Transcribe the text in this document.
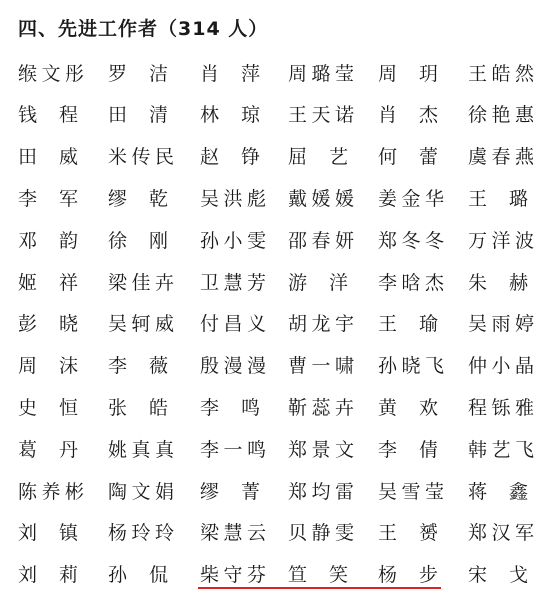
四、先进工作者（314 人）
缑 文 彤 罗 洁 肖 萍 周 璐 莹 周 玥 王 皓 然
钱 程 田 清 林 琼 王 天 诺 肖 杰 徐 艳 惠
田 威 米 传 民 赵 铮 屈 艺 何 蕾 虞 春 燕
李 军 缪 乾 吴 洪 彪 戴 媛 媛 姜 金 华 王 璐
邓 韵 徐 刚 孙 小 雯 邵 春 妍 郑 冬 冬 万 洋 波
姬 祥 梁 佳 卉 卫 慧 芳 游 洋 李 晗 杰 朱 赫
彭 晓 吴 轲 威 付 昌 义 胡 龙 宇 王 瑜 吴 雨 婷
周 沫 李 薇 殷 漫 漫 曹 一 啸 孙 晓 飞 仲 小 晶
史 恒 张 皓 李 鸣 靳 蕊 卉 黄 欢 程 铄 雅
葛 丹 姚 真 真 李 一 鸣 郑 景 文 李 倩 韩 艺 飞
陈 养 彬 陶 文 娟 缪 菁 郑 均 雷 吴 雪 莹 蒋 鑫
刘 镇 杨 玲 玲 梁 慧 云 贝 静 雯 王 赟 郑 汉 军
刘 莉 孙 侃 柴 守 芬 笪 笑 杨 步 宋 戈
